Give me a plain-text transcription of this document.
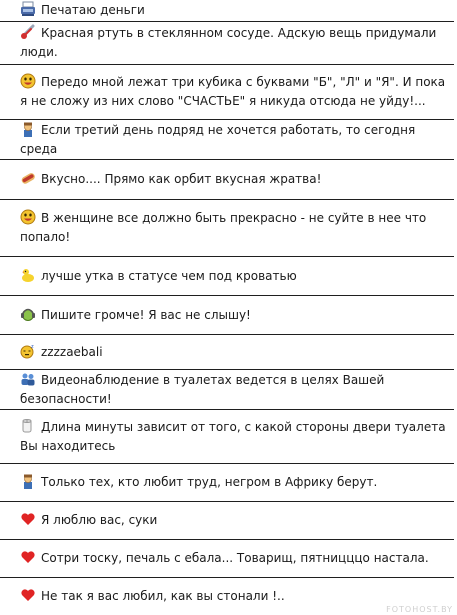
Печатаю деньги
Красная ртуть в стеклянном сосуде. Адскую вещь придумали люди.
Передо мной лежат три кубика с буквами "Б", "Л" и "Я". И пока я не сложу из них слово "СЧАСТЬЕ" я никуда отсюда не уйду!...
Если третий день подряд не хочется работать, то сегодня среда
Вкусно.... Прямо как орбит вкусная жратва!
В женщине все должно быть прекрасно - не суйте в нее что попало!
лучше утка в статусе чем под кроватью
Пишите громче! Я вас не слышу!
z zzzzaebali
Видеонаблюдение в туалетах ведется в целях Вашей безопасности!
Длина минуты зависит от того, с какой стороны двери туалета Вы находитесь
Только тех, кто любит труд, негром в Африку берут.
Я люблю вас, суки
Сотри тоску, печаль с ебала... Товарищ, пятницццо настала.
Не так я вас любил, как вы стонали !..
FOTOHOST.BY
